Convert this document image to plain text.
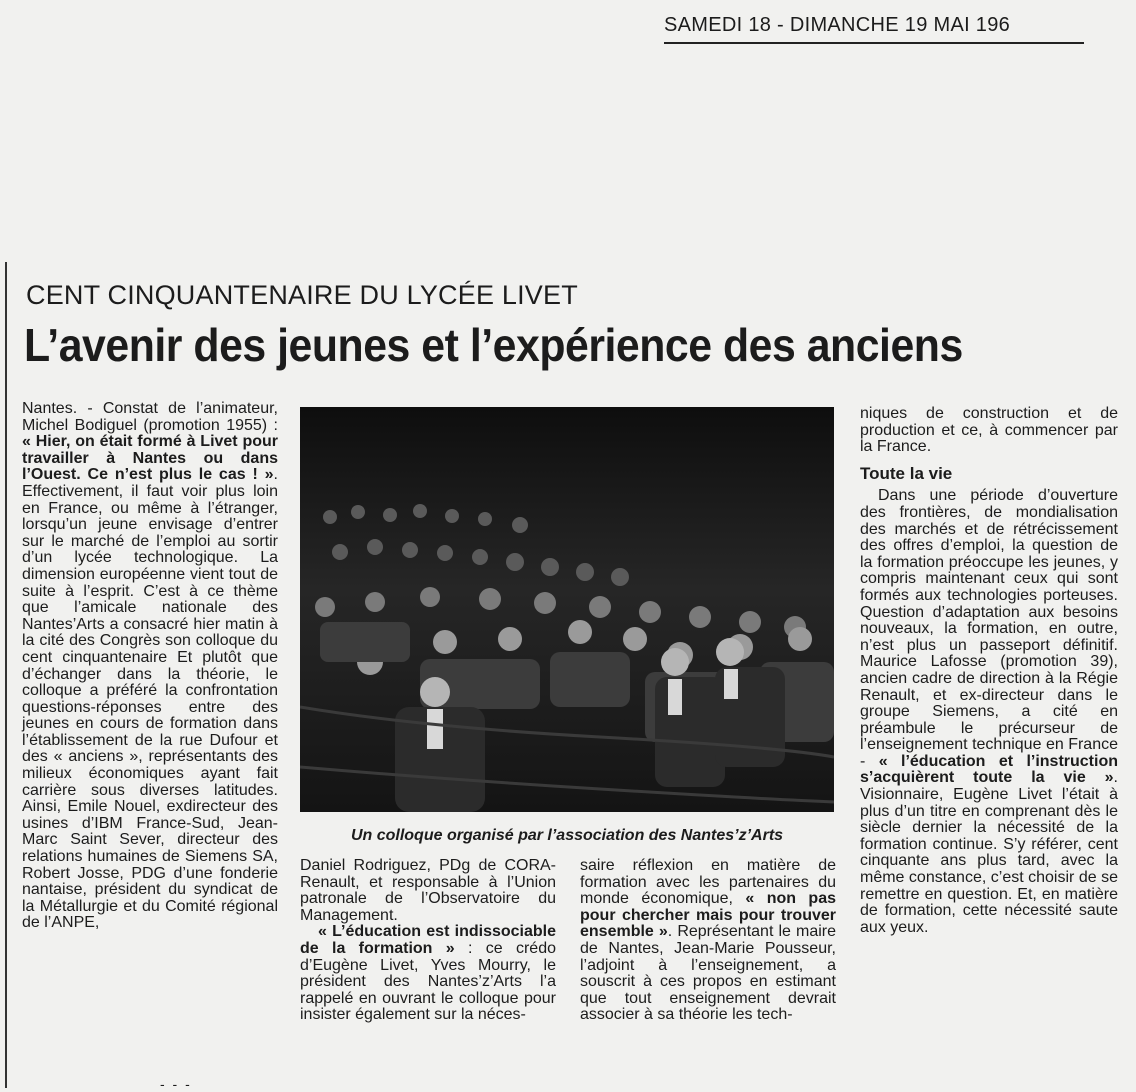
SAMEDI 18 - DIMANCHE 19 MAI 196
CENT CINQUANTENAIRE DU LYCÉE LIVET
L’avenir des jeunes et l’expérience des anciens

Nantes. - Constat de l’animateur, Michel Bodiguel (promotion 1955) : « Hier, on était formé à Livet pour travailler à Nantes ou dans l’Ouest. Ce n’est plus le cas ! ». Effectivement, il faut voir plus loin en France, ou même à l’étranger, lorsqu’un jeune envisage d’entrer sur le marché de l’emploi au sortir d’un lycée technologique. La dimension européenne vient tout de suite à l’esprit. C’est à ce thème que l’amicale nationale des Nantes’Arts a consacré hier matin à la cité des Congrès son colloque du cent cinquantenaire Et plutôt que d’échanger dans la théorie, le colloque a préféré la confrontation questions-réponses entre des jeunes en cours de formation dans l’établissement de la rue Dufour et des « anciens », représentants des milieux économiques ayant fait carrière sous diverses latitudes. Ainsi, Emile Nouel, exdirecteur des usines d’IBM France-Sud, Jean-Marc Saint Sever, directeur des relations humaines de Siemens SA, Robert Josse, PDG d’une fonderie nantaise, président du syndicat de la Métallurgie et du Comité régional de l’ANPE,

Un colloque organisé par l’association des Nantes’z’Arts

Daniel Rodriguez, PDg de CORA-Renault, et responsable à l’Union patronale de l’Observatoire du Management.

« L’éducation est indissociable de la formation » : ce crédo d’Eugène Livet, Yves Mourry, le président des Nantes’z’Arts l’a rappelé en ouvrant le colloque pour insister également sur la néces-

saire réflexion en matière de formation avec les partenaires du monde économique, « non pas pour chercher mais pour trouver ensemble ». Représentant le maire de Nantes, Jean-Marie Pousseur, l’adjoint à l’enseignement, a souscrit à ces propos en estimant que tout enseignement devrait associer à sa théorie les tech-

niques de construction et de production et ce, à commencer par la France.

Toute la vie

Dans une période d’ouverture des frontières, de mondialisation des marchés et de rétrécissement des offres d’emploi, la question de la formation préoccupe les jeunes, y compris maintenant ceux qui sont formés aux technologies porteuses. Question d’adaptation aux besoins nouveaux, la formation, en outre, n’est plus un passeport définitif. Maurice Lafosse (promotion 39), ancien cadre de direction à la Régie Renault, et ex-directeur dans le groupe Siemens, a cité en préambule le précurseur de l’enseignement technique en France - « l’éducation et l’instruction s’acquièrent toute la vie ». Visionnaire, Eugène Livet l’était à plus d’un titre en comprenant dès le siècle dernier la nécessité de la formation continue. S’y référer, cent cinquante ans plus tard, avec la même constance, c’est choisir de se remettre en question. Et, en matière de formation, cette nécessité saute aux yeux.

- - -
